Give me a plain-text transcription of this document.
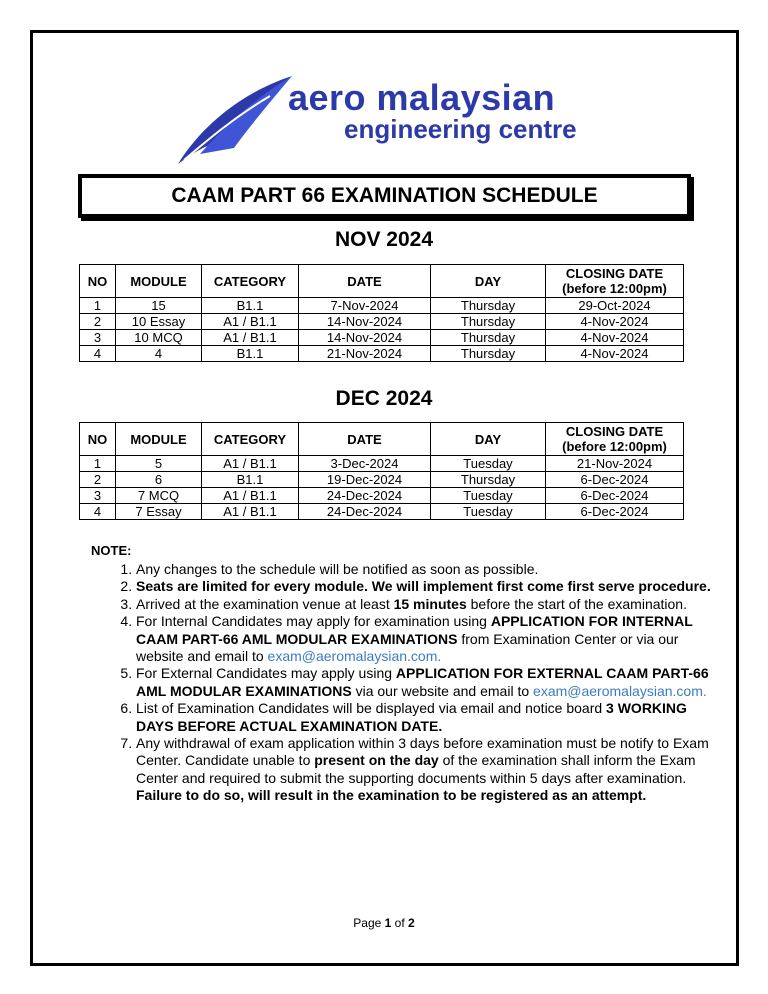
aero malaysian
engineering centre
CAAM PART 66 EXAMINATION SCHEDULE
NOV 2024
NO	MODULE	CATEGORY	DATE	DAY	CLOSING DATE
(before 12:00pm)
1	15	B1.1	7-Nov-2024	Thursday	29-Oct-2024
2	10 Essay	A1 / B1.1	14-Nov-2024	Thursday	4-Nov-2024
3	10 MCQ	A1 / B1.1	14-Nov-2024	Thursday	4-Nov-2024
4	4	B1.1	21-Nov-2024	Thursday	4-Nov-2024
DEC 2024
NO	MODULE	CATEGORY	DATE	DAY	CLOSING DATE
(before 12:00pm)
1	5	A1 / B1.1	3-Dec-2024	Tuesday	21-Nov-2024
2	6	B1.1	19-Dec-2024	Thursday	6-Dec-2024
3	7 MCQ	A1 / B1.1	24-Dec-2024	Tuesday	6-Dec-2024
4	7 Essay	A1 / B1.1	24-Dec-2024	Tuesday	6-Dec-2024
NOTE:
1. Any changes to the schedule will be notified as soon as possible.
2. Seats are limited for every module. We will implement first come first serve procedure.
3. Arrived at the examination venue at least 15 minutes before the start of the examination.
4. For Internal Candidates may apply for examination using APPLICATION FOR INTERNAL CAAM PART-66 AML MODULAR EXAMINATIONS from Examination Center or via our website and email to exam@aeromalaysian.com.
5. For External Candidates may apply using APPLICATION FOR EXTERNAL CAAM PART-66 AML MODULAR EXAMINATIONS via our website and email to exam@aeromalaysian.com.
6. List of Examination Candidates will be displayed via email and notice board 3 WORKING DAYS BEFORE ACTUAL EXAMINATION DATE.
7. Any withdrawal of exam application within 3 days before examination must be notify to Exam Center. Candidate unable to present on the day of the examination shall inform the Exam Center and required to submit the supporting documents within 5 days after examination. Failure to do so, will result in the examination to be registered as an attempt.
Page 1 of 2
